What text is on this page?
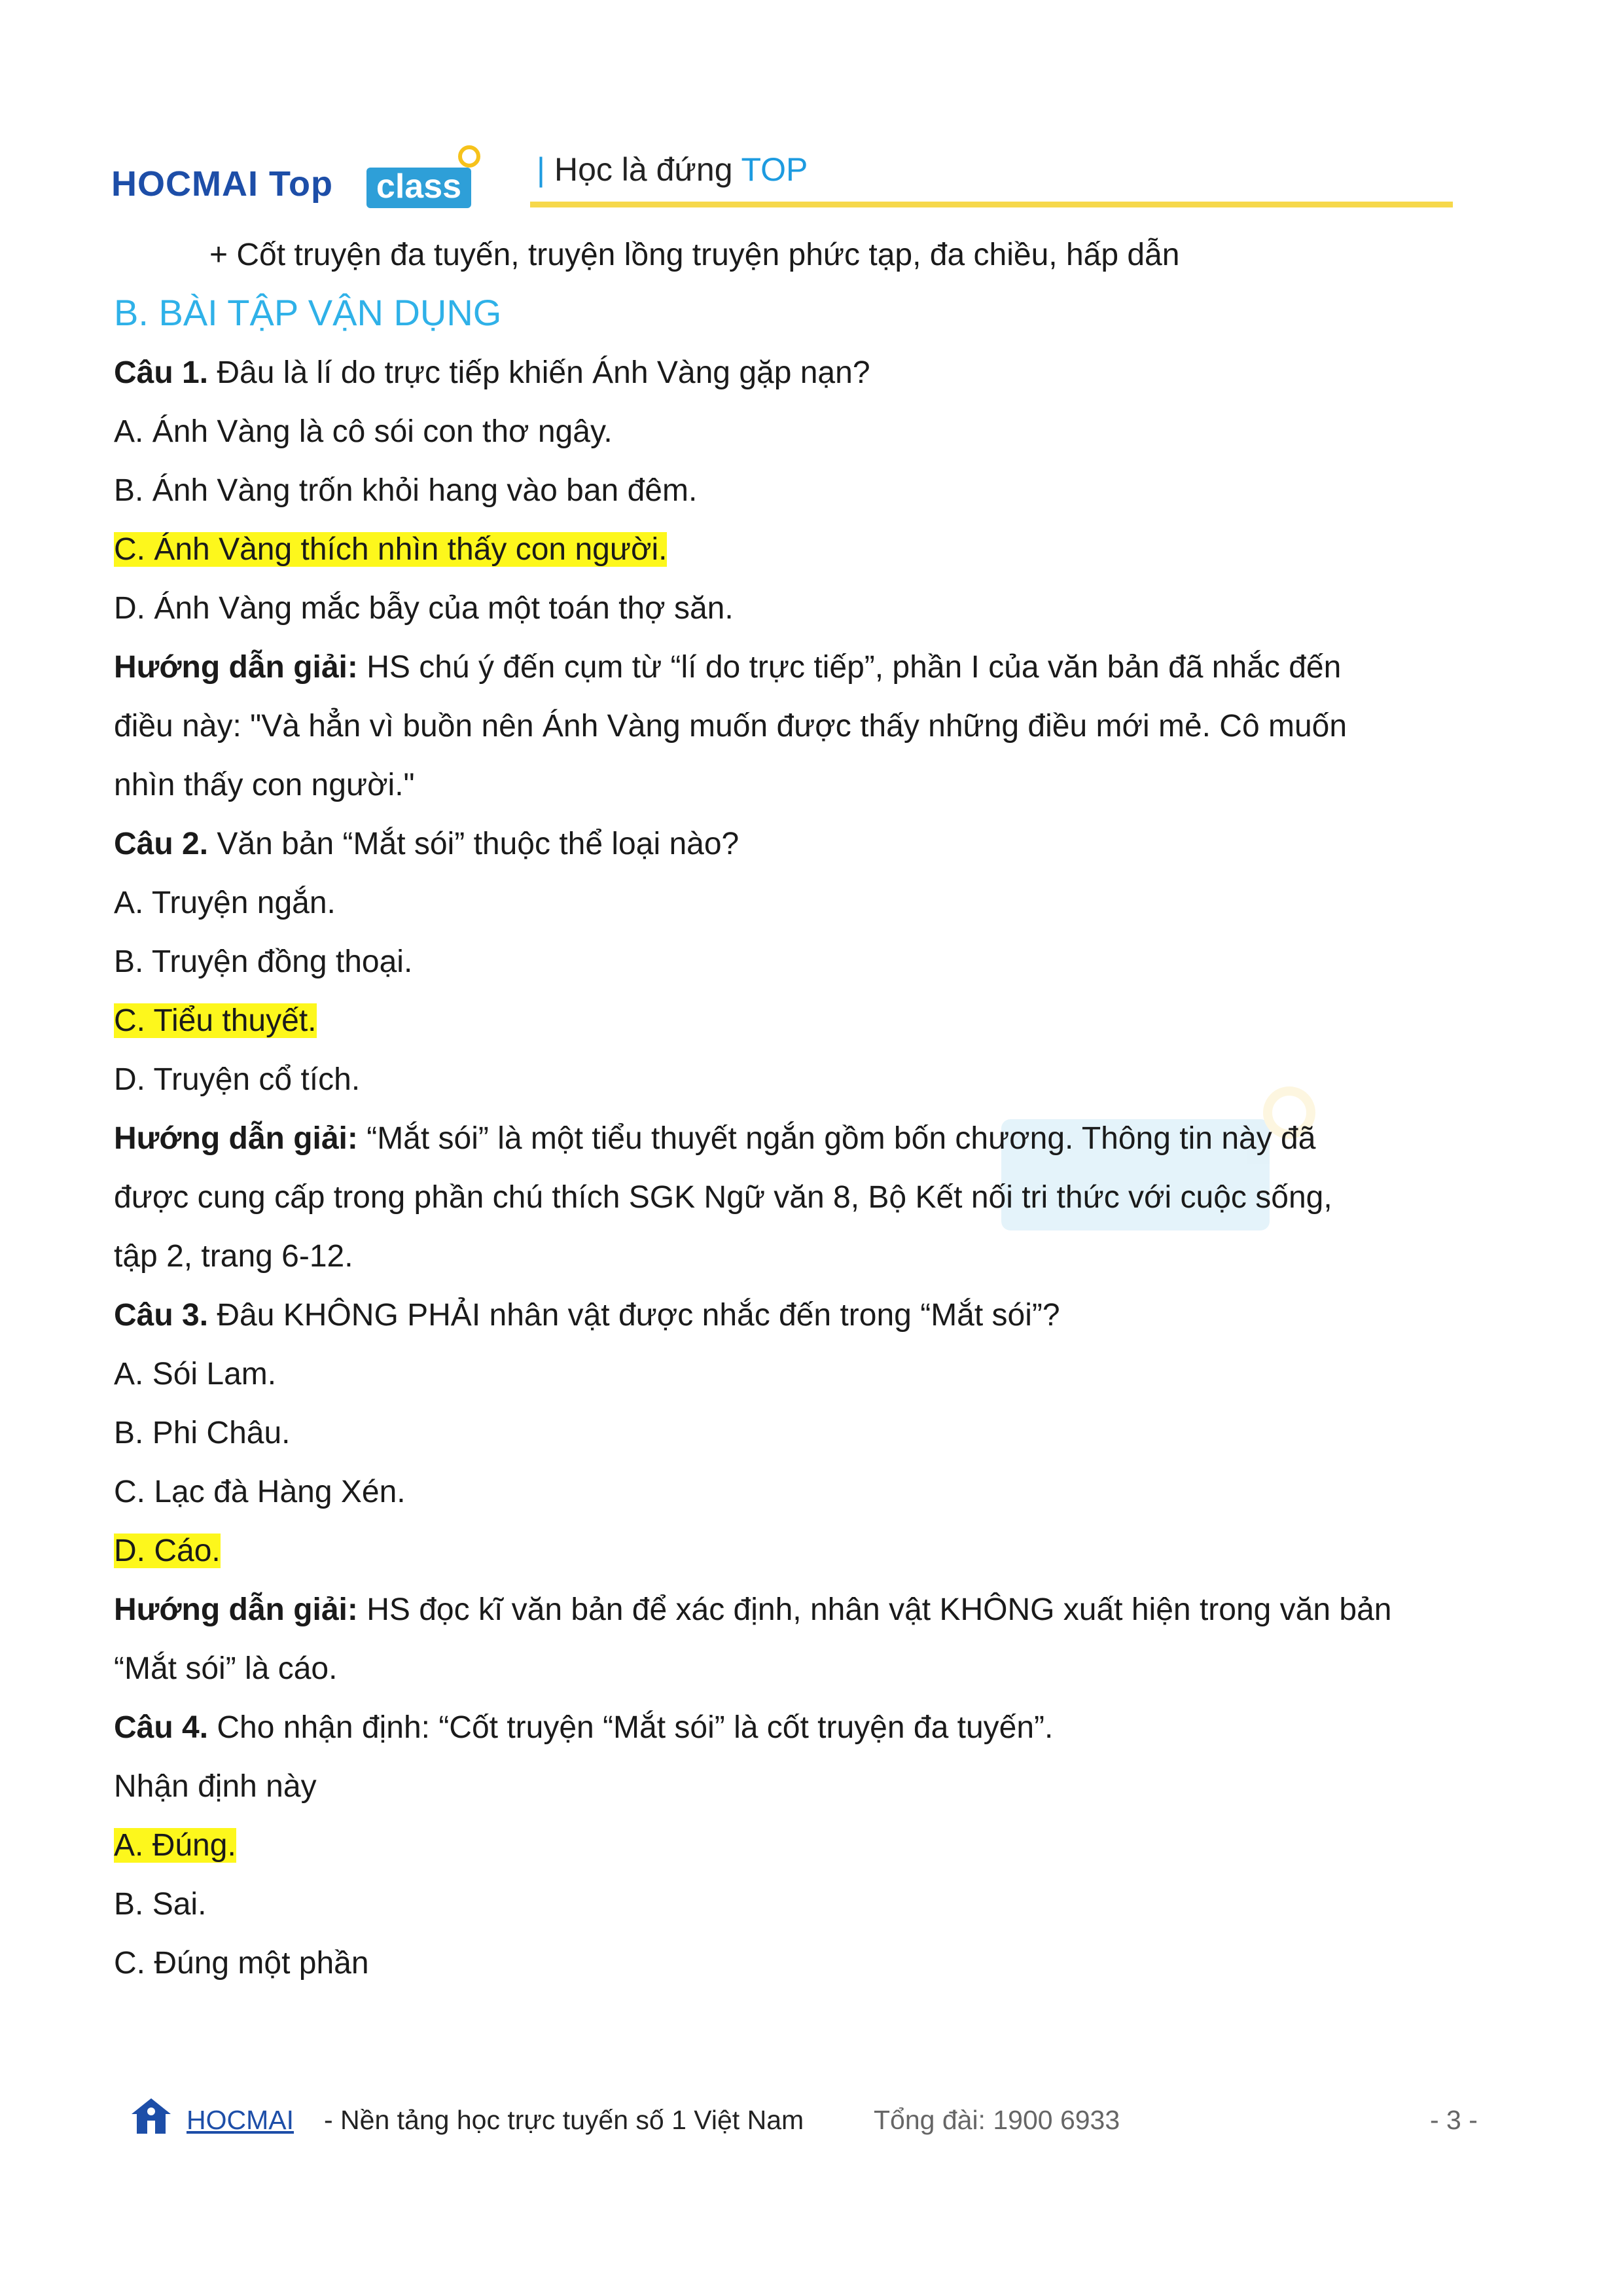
HOCMAI Top class | Học là đứng TOP
+ Cốt truyện đa tuyến, truyện lồng truyện phức tạp, đa chiều, hấp dẫn
B. BÀI TẬP VẬN DỤNG
Câu 1. Đâu là lí do trực tiếp khiến Ánh Vàng gặp nạn?
A. Ánh Vàng là cô sói con thơ ngây.
B. Ánh Vàng trốn khỏi hang vào ban đêm.
C. Ánh Vàng thích nhìn thấy con người.
D. Ánh Vàng mắc bẫy của một toán thợ săn.
Hướng dẫn giải: HS chú ý đến cụm từ “lí do trực tiếp”, phần I của văn bản đã nhắc đến
điều này: "Và hẳn vì buồn nên Ánh Vàng muốn được thấy những điều mới mẻ. Cô muốn
nhìn thấy con người."
Câu 2. Văn bản “Mắt sói” thuộc thể loại nào?
A. Truyện ngắn.
B. Truyện đồng thoại.
C. Tiểu thuyết.
D. Truyện cổ tích.
Hướng dẫn giải: “Mắt sói” là một tiểu thuyết ngắn gồm bốn chương. Thông tin này đã
được cung cấp trong phần chú thích SGK Ngữ văn 8, Bộ Kết nối tri thức với cuộc sống,
tập 2, trang 6-12.
Câu 3. Đâu KHÔNG PHẢI nhân vật được nhắc đến trong “Mắt sói”?
A. Sói Lam.
B. Phi Châu.
C. Lạc đà Hàng Xén.
D. Cáo.
Hướng dẫn giải: HS đọc kĩ văn bản để xác định, nhân vật KHÔNG xuất hiện trong văn bản
“Mắt sói” là cáo.
Câu 4. Cho nhận định: “Cốt truyện “Mắt sói” là cốt truyện đa tuyến”.
Nhận định này
A. Đúng.
B. Sai.
C. Đúng một phần
HOCMAI - Nền tảng học trực tuyến số 1 Việt Nam	Tổng đài: 1900 6933	- 3 -
